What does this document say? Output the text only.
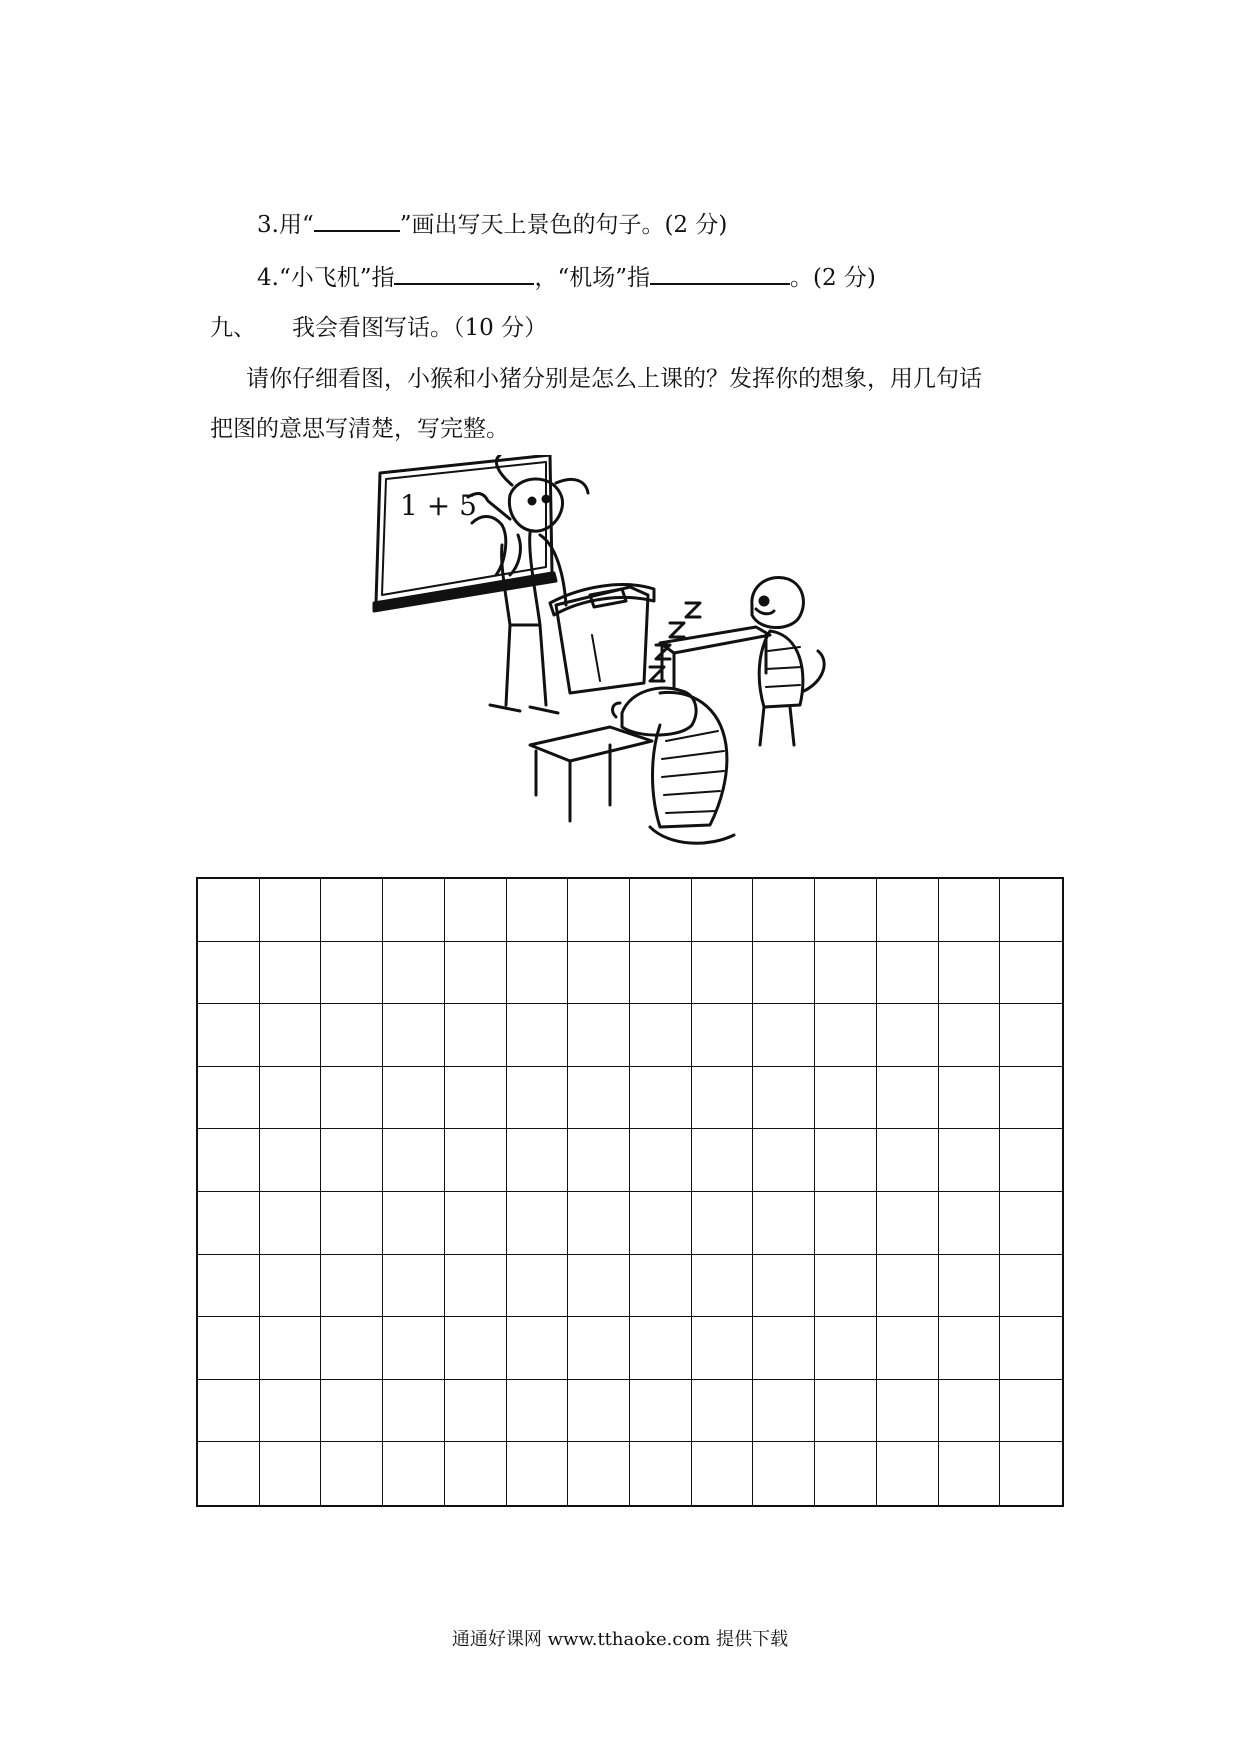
3.用“	”画出写天上景色的句子。(2 分)
4.“小飞机”指	，“机场”指	。(2 分)
九、 我会看图写话。（10 分）
请你仔细看图，小猴和小猪分别是怎么上课的？发挥你的想象，用几句话
把图的意思写清楚，写完整。
1 + 5
通通好课网 www.tthaoke.com 提供下载
